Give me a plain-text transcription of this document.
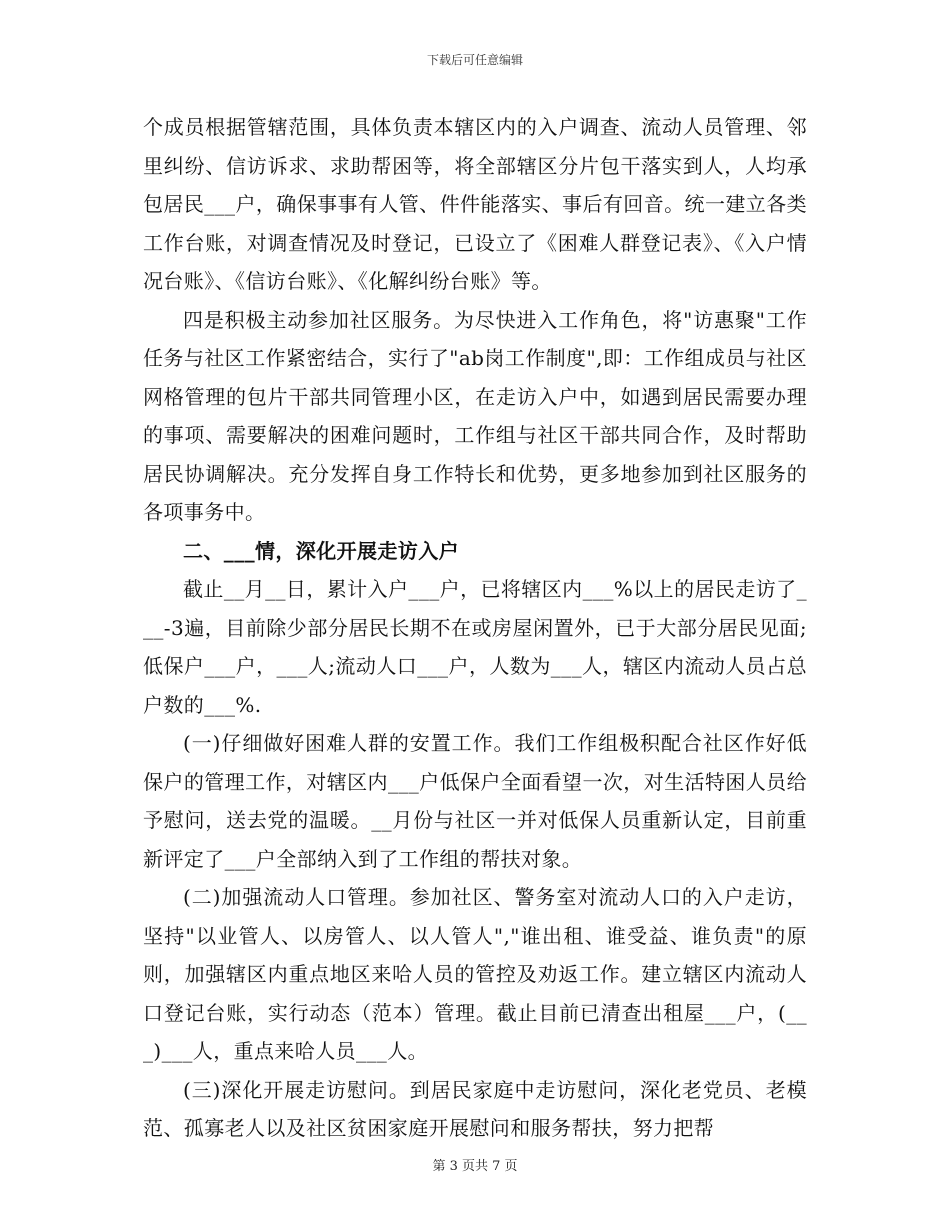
下载后可任意编辑

个成员根据管辖范围，具体负责本辖区内的入户调查、流动人员管理、邻里纠纷、信访诉求、求助帮困等，将全部辖区分片包干落实到人，人均承包居民___户，确保事事有人管、件件能落实、事后有回音。统一建立各类工作台账，对调查情况及时登记，已设立了《困难人群登记表》、《入户情况台账》、《信访台账》、《化解纠纷台账》等。

四是积极主动参加社区服务。为尽快进入工作角色，将"访惠聚"工作任务与社区工作紧密结合，实行了"ab岗工作制度",即：工作组成员与社区网格管理的包片干部共同管理小区，在走访入户中，如遇到居民需要办理的事项、需要解决的困难问题时，工作组与社区干部共同合作，及时帮助居民协调解决。充分发挥自身工作特长和优势，更多地参加到社区服务的各项事务中。

二、___情，深化开展走访入户

截止__月__日，累计入户___户，已将辖区内___%以上的居民走访了___-3遍，目前除少部分居民长期不在或房屋闲置外，已于大部分居民见面;低保户___户，___人;流动人口___户，人数为___人，辖区内流动人员占总户数的___%.

(一)仔细做好困难人群的安置工作。我们工作组极积配合社区作好低保户的管理工作，对辖区内___户低保户全面看望一次，对生活特困人员给予慰问，送去党的温暖。__月份与社区一并对低保人员重新认定，目前重新评定了___户全部纳入到了工作组的帮扶对象。

(二)加强流动人口管理。参加社区、警务室对流动人口的入户走访，坚持"以业管人、以房管人、以人管人","谁出租、谁受益、谁负责"的原则，加强辖区内重点地区来哈人员的管控及劝返工作。建立辖区内流动人口登记台账，实行动态（范本）管理。截止目前已清查出租屋___户，(___)___人，重点来哈人员___人。

(三)深化开展走访慰问。到居民家庭中走访慰问，深化老党员、老模范、孤寡老人以及社区贫困家庭开展慰问和服务帮扶，努力把帮

第 3 页共 7 页
